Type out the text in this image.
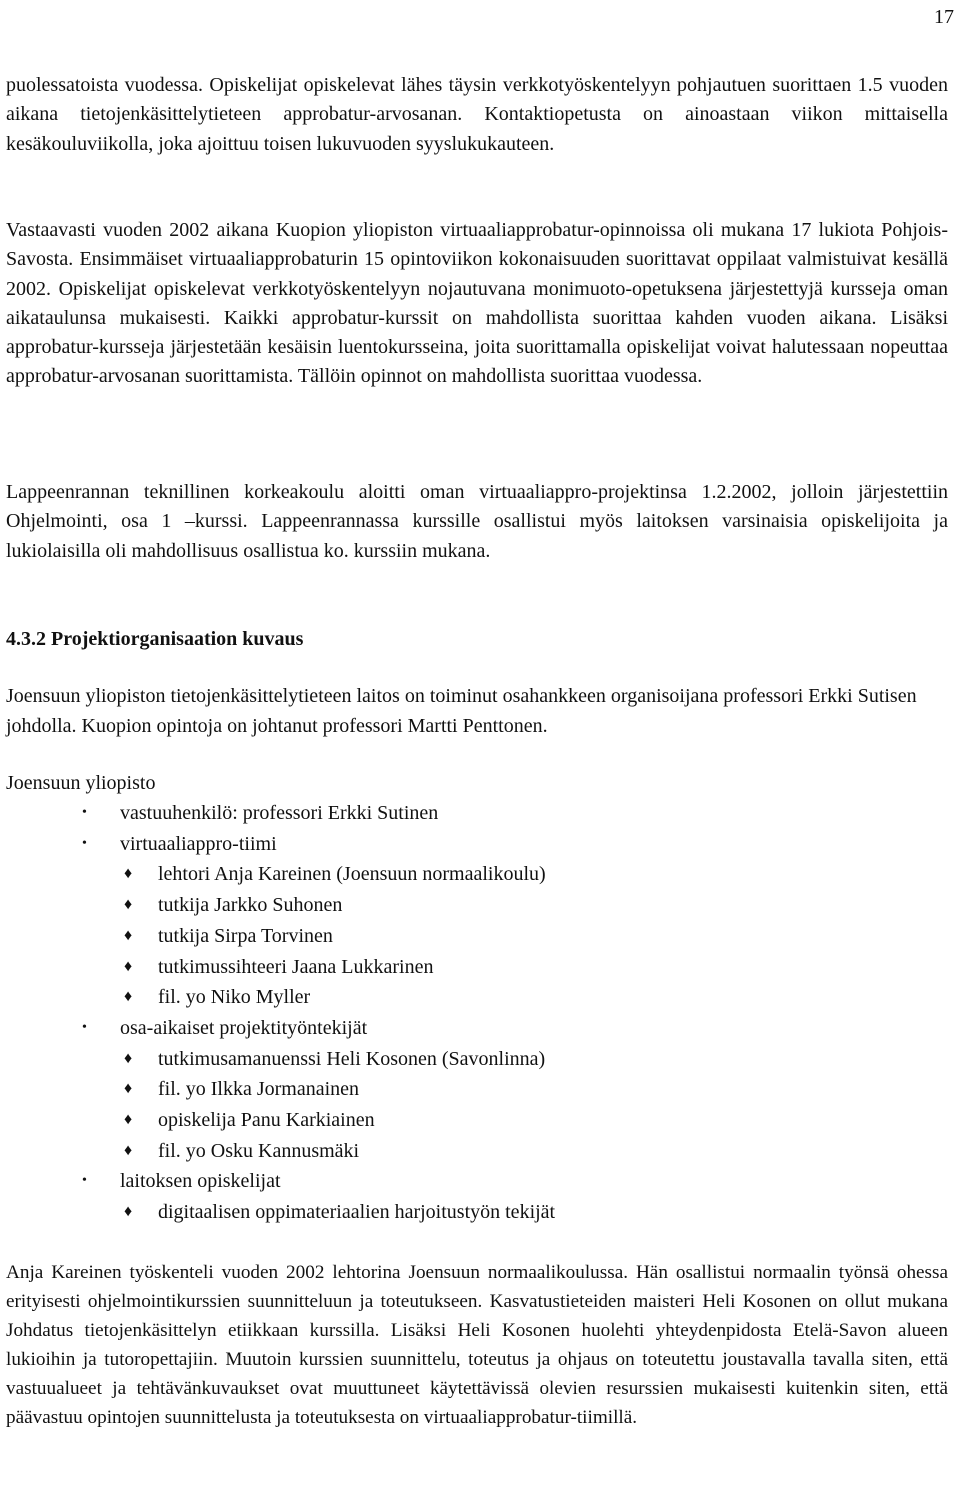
17

puolessatoista vuodessa. Opiskelijat opiskelevat lähes täysin verkkotyöskentelyyn pohjautuen suorittaen 1.5 vuoden aikana tietojenkäsittelytieteen approbatur-arvosanan. Kontaktiopetusta on ainoastaan viikon mittaisella kesäkouluviikolla, joka ajoittuu toisen lukuvuoden syyslukukauteen.

Vastaavasti vuoden 2002 aikana Kuopion yliopiston virtuaaliapprobatur-opinnoissa oli mukana 17 lukiota Pohjois-Savosta. Ensimmäiset virtuaaliapprobaturin 15 opintoviikon kokonaisuuden suorittavat oppilaat valmistuivat kesällä 2002. Opiskelijat opiskelevat verkkotyöskentelyyn nojautuvana monimuoto-opetuksena järjestettyjä kursseja oman aikataulunsa mukaisesti. Kaikki approbatur-kurssit on mahdollista suorittaa kahden vuoden aikana. Lisäksi approbatur-kursseja järjestetään kesäisin luentokursseina, joita suorittamalla opiskelijat voivat halutessaan nopeuttaa approbatur-arvosanan suorittamista. Tällöin opinnot on mahdollista suorittaa vuodessa.

Lappeenrannan teknillinen korkeakoulu aloitti oman virtuaaliappro-projektinsa 1.2.2002, jolloin järjestettiin Ohjelmointi, osa 1 –kurssi. Lappeenrannassa kurssille osallistui myös laitoksen varsinaisia opiskelijoita ja lukiolaisilla oli mahdollisuus osallistua ko. kurssiin mukana.

4.3.2 Projektiorganisaation kuvaus

Joensuun yliopiston tietojenkäsittelytieteen laitos on toiminut osahankkeen organisoijana professori Erkki Sutisen johdolla. Kuopion opintoja on johtanut professori Martti Penttonen.

Joensuun yliopisto
• vastuuhenkilö: professori Erkki Sutinen
• virtuaaliappro-tiimi
♦ lehtori Anja Kareinen (Joensuun normaalikoulu)
♦ tutkija Jarkko Suhonen
♦ tutkija Sirpa Torvinen
♦ tutkimussihteeri Jaana Lukkarinen
♦ fil. yo Niko Myller
• osa-aikaiset projektityöntekijät
♦ tutkimusamanuenssi Heli Kosonen (Savonlinna)
♦ fil. yo Ilkka Jormanainen
♦ opiskelija Panu Karkiainen
♦ fil. yo Osku Kannusmäki
• laitoksen opiskelijat
♦ digitaalisen oppimateriaalien harjoitustyön tekijät

Anja Kareinen työskenteli vuoden 2002 lehtorina Joensuun normaalikoulussa. Hän osallistui normaalin työnsä ohessa erityisesti ohjelmointikurssien suunnitteluun ja toteutukseen. Kasvatustieteiden maisteri Heli Kosonen on ollut mukana Johdatus tietojenkäsittelyn etiikkaan kurssilla. Lisäksi Heli Kosonen huolehti yhteydenpidosta Etelä-Savon alueen lukioihin ja tutoropettajiin. Muutoin kurssien suunnittelu, toteutus ja ohjaus on toteutettu joustavalla tavalla siten, että vastuualueet ja tehtävänkuvaukset ovat muuttuneet käytettävissä olevien resurssien mukaisesti kuitenkin siten, että päävastuu opintojen suunnittelusta ja toteutuksesta on virtuaaliapprobatur-tiimillä.
